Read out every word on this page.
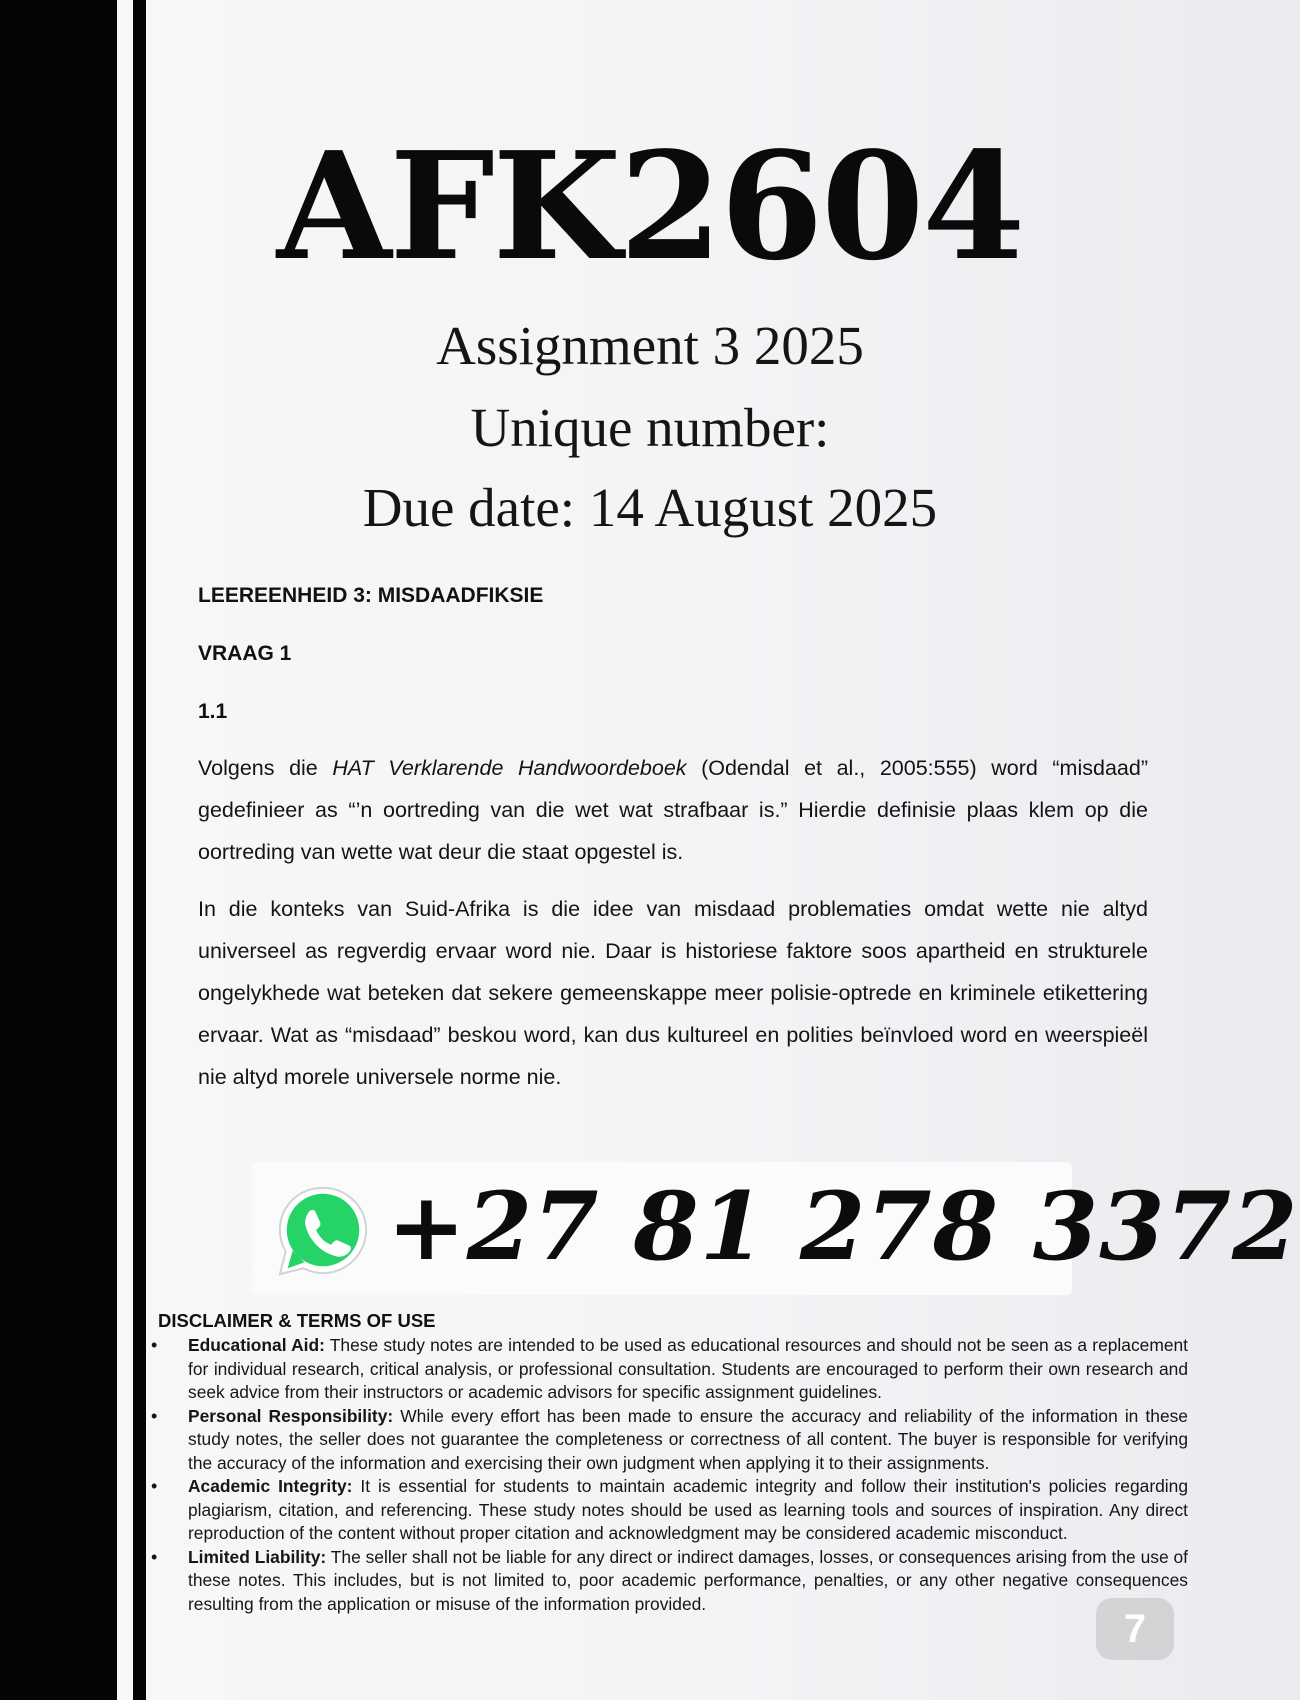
AFK2604
Assignment 3 2025
Unique number:
Due date: 14 August 2025
LEEREENHEID 3: MISDAADFIKSIE
VRAAG 1
1.1
Volgens die HAT Verklarende Handwoordeboek (Odendal et al., 2005:555) word “misdaad” gedefinieer as “’n oortreding van die wet wat strafbaar is.” Hierdie definisie plaas klem op die oortreding van wette wat deur die staat opgestel is.
In die konteks van Suid-Afrika is die idee van misdaad problematies omdat wette nie altyd universeel as regverdig ervaar word nie. Daar is historiese faktore soos apartheid en strukturele ongelykhede wat beteken dat sekere gemeenskappe meer polisie-optrede en kriminele etikettering ervaar. Wat as “misdaad” beskou word, kan dus kultureel en polities beïnvloed word en weerspieël nie altyd morele universele norme nie.
+27 81 278 3372
DISCLAIMER & TERMS OF USE
• Educational Aid: These study notes are intended to be used as educational resources and should not be seen as a replacement for individual research, critical analysis, or professional consultation. Students are encouraged to perform their own research and seek advice from their instructors or academic advisors for specific assignment guidelines.
• Personal Responsibility: While every effort has been made to ensure the accuracy and reliability of the information in these study notes, the seller does not guarantee the completeness or correctness of all content. The buyer is responsible for verifying the accuracy of the information and exercising their own judgment when applying it to their assignments.
• Academic Integrity: It is essential for students to maintain academic integrity and follow their institution's policies regarding plagiarism, citation, and referencing. These study notes should be used as learning tools and sources of inspiration. Any direct reproduction of the content without proper citation and acknowledgment may be considered academic misconduct.
• Limited Liability: The seller shall not be liable for any direct or indirect damages, losses, or consequences arising from the use of these notes. This includes, but is not limited to, poor academic performance, penalties, or any other negative consequences resulting from the application or misuse of the information provided.
7
